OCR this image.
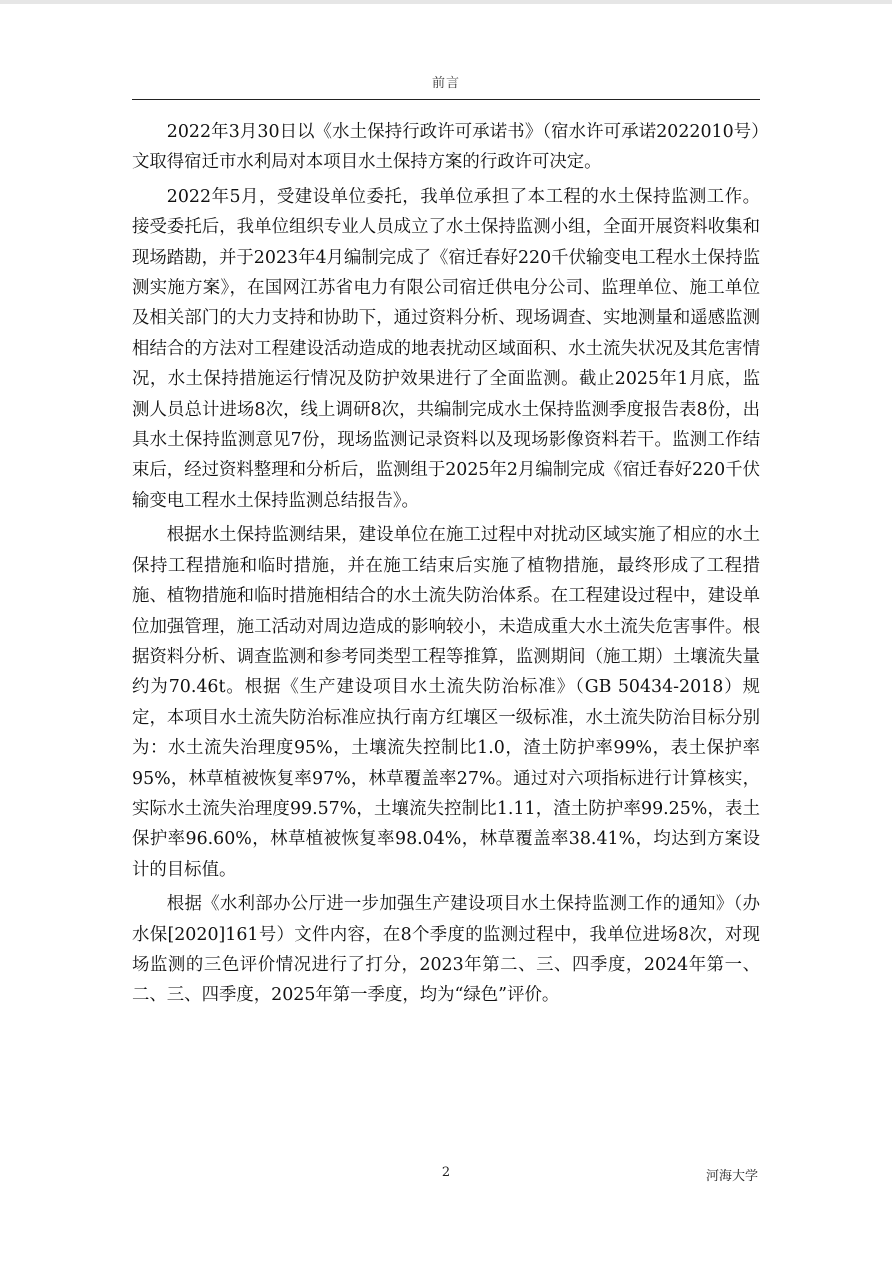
前言

2022年3月30日以《水土保持行政许可承诺书》（宿水许可承诺2022010号）文取得宿迁市水利局对本项目水土保持方案的行政许可决定。

2022年5月，受建设单位委托，我单位承担了本工程的水土保持监测工作。接受委托后，我单位组织专业人员成立了水土保持监测小组，全面开展资料收集和现场踏勘，并于2023年4月编制完成了《宿迁春好220千伏输变电工程水土保持监测实施方案》，在国网江苏省电力有限公司宿迁供电分公司、监理单位、施工单位及相关部门的大力支持和协助下，通过资料分析、现场调查、实地测量和遥感监测相结合的方法对工程建设活动造成的地表扰动区域面积、水土流失状况及其危害情况，水土保持措施运行情况及防护效果进行了全面监测。截止2025年1月底，监测人员总计进场8次，线上调研8次，共编制完成水土保持监测季度报告表8份，出具水土保持监测意见7份，现场监测记录资料以及现场影像资料若干。监测工作结束后，经过资料整理和分析后，监测组于2025年2月编制完成《宿迁春好220千伏输变电工程水土保持监测总结报告》。

根据水土保持监测结果，建设单位在施工过程中对扰动区域实施了相应的水土保持工程措施和临时措施，并在施工结束后实施了植物措施，最终形成了工程措施、植物措施和临时措施相结合的水土流失防治体系。在工程建设过程中，建设单位加强管理，施工活动对周边造成的影响较小，未造成重大水土流失危害事件。根据资料分析、调查监测和参考同类型工程等推算，监测期间（施工期）土壤流失量约为70.46t。根据《生产建设项目水土流失防治标准》（GB 50434-2018）规定，本项目水土流失防治标准应执行南方红壤区一级标准，水土流失防治目标分别为：水土流失治理度95%，土壤流失控制比1.0，渣土防护率99%，表土保护率95%，林草植被恢复率97%，林草覆盖率27%。通过对六项指标进行计算核实，实际水土流失治理度99.57%，土壤流失控制比1.11，渣土防护率99.25%，表土保护率96.60%，林草植被恢复率98.04%，林草覆盖率38.41%，均达到方案设计的目标值。

根据《水利部办公厅进一步加强生产建设项目水土保持监测工作的通知》（办水保[2020]161号）文件内容，在8个季度的监测过程中，我单位进场8次，对现场监测的三色评价情况进行了打分，2023年第二、三、四季度，2024年第一、二、三、四季度，2025年第一季度，均为“绿色”评价。

2	河海大学
